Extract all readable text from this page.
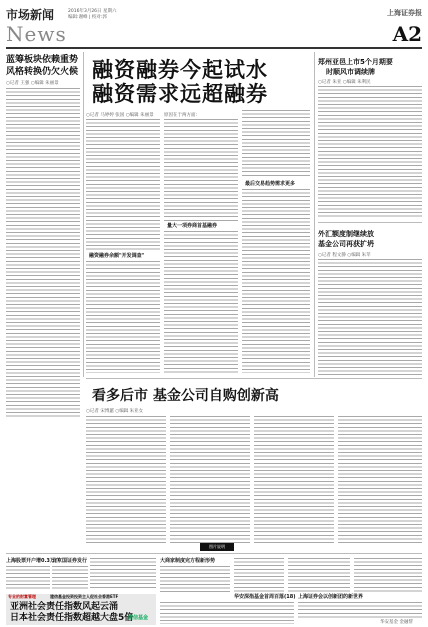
市场新闻
News
2016年3月26日 星期六
编辑:谢峰 | 校对:郭
上海证券报
A2
蓝筹板块依赖重势
风格转换仍欠火候
○记者 王强 ○编辑 朱丽景
融资融券今起试水
融资需求远超融券
○记者 马婷婷 张国 ○编辑 朱丽景
融资融券余额"开发调查"
原因在于两方面:
量大一项券商首基融券
最后交易趋势需求更多
郑州亚邑上市5个月期要
时顺风市调续牌
○记者 朱亚 ○编辑 朱利民
外汇额度制继续放
基金公司再获扩坍
○记者 程文静 ○编辑 朱苹
看多后市 基金公司自购创新高
○记者 宋博蕙 ○编辑 朱亚女
图片说明
上海股票开户增0.3万户
北京国证券发行	大商家制度完方程新形势
专业的财富管理	建信基金投资投资主人促社会香港ETF
亚洲社会责任指数风起云涌
日本社会责任指数超越大盘5倍
建信基金
华安深指基金首周百落(18) 上海证券会以创新团的新世界
华安基金 金融帮
